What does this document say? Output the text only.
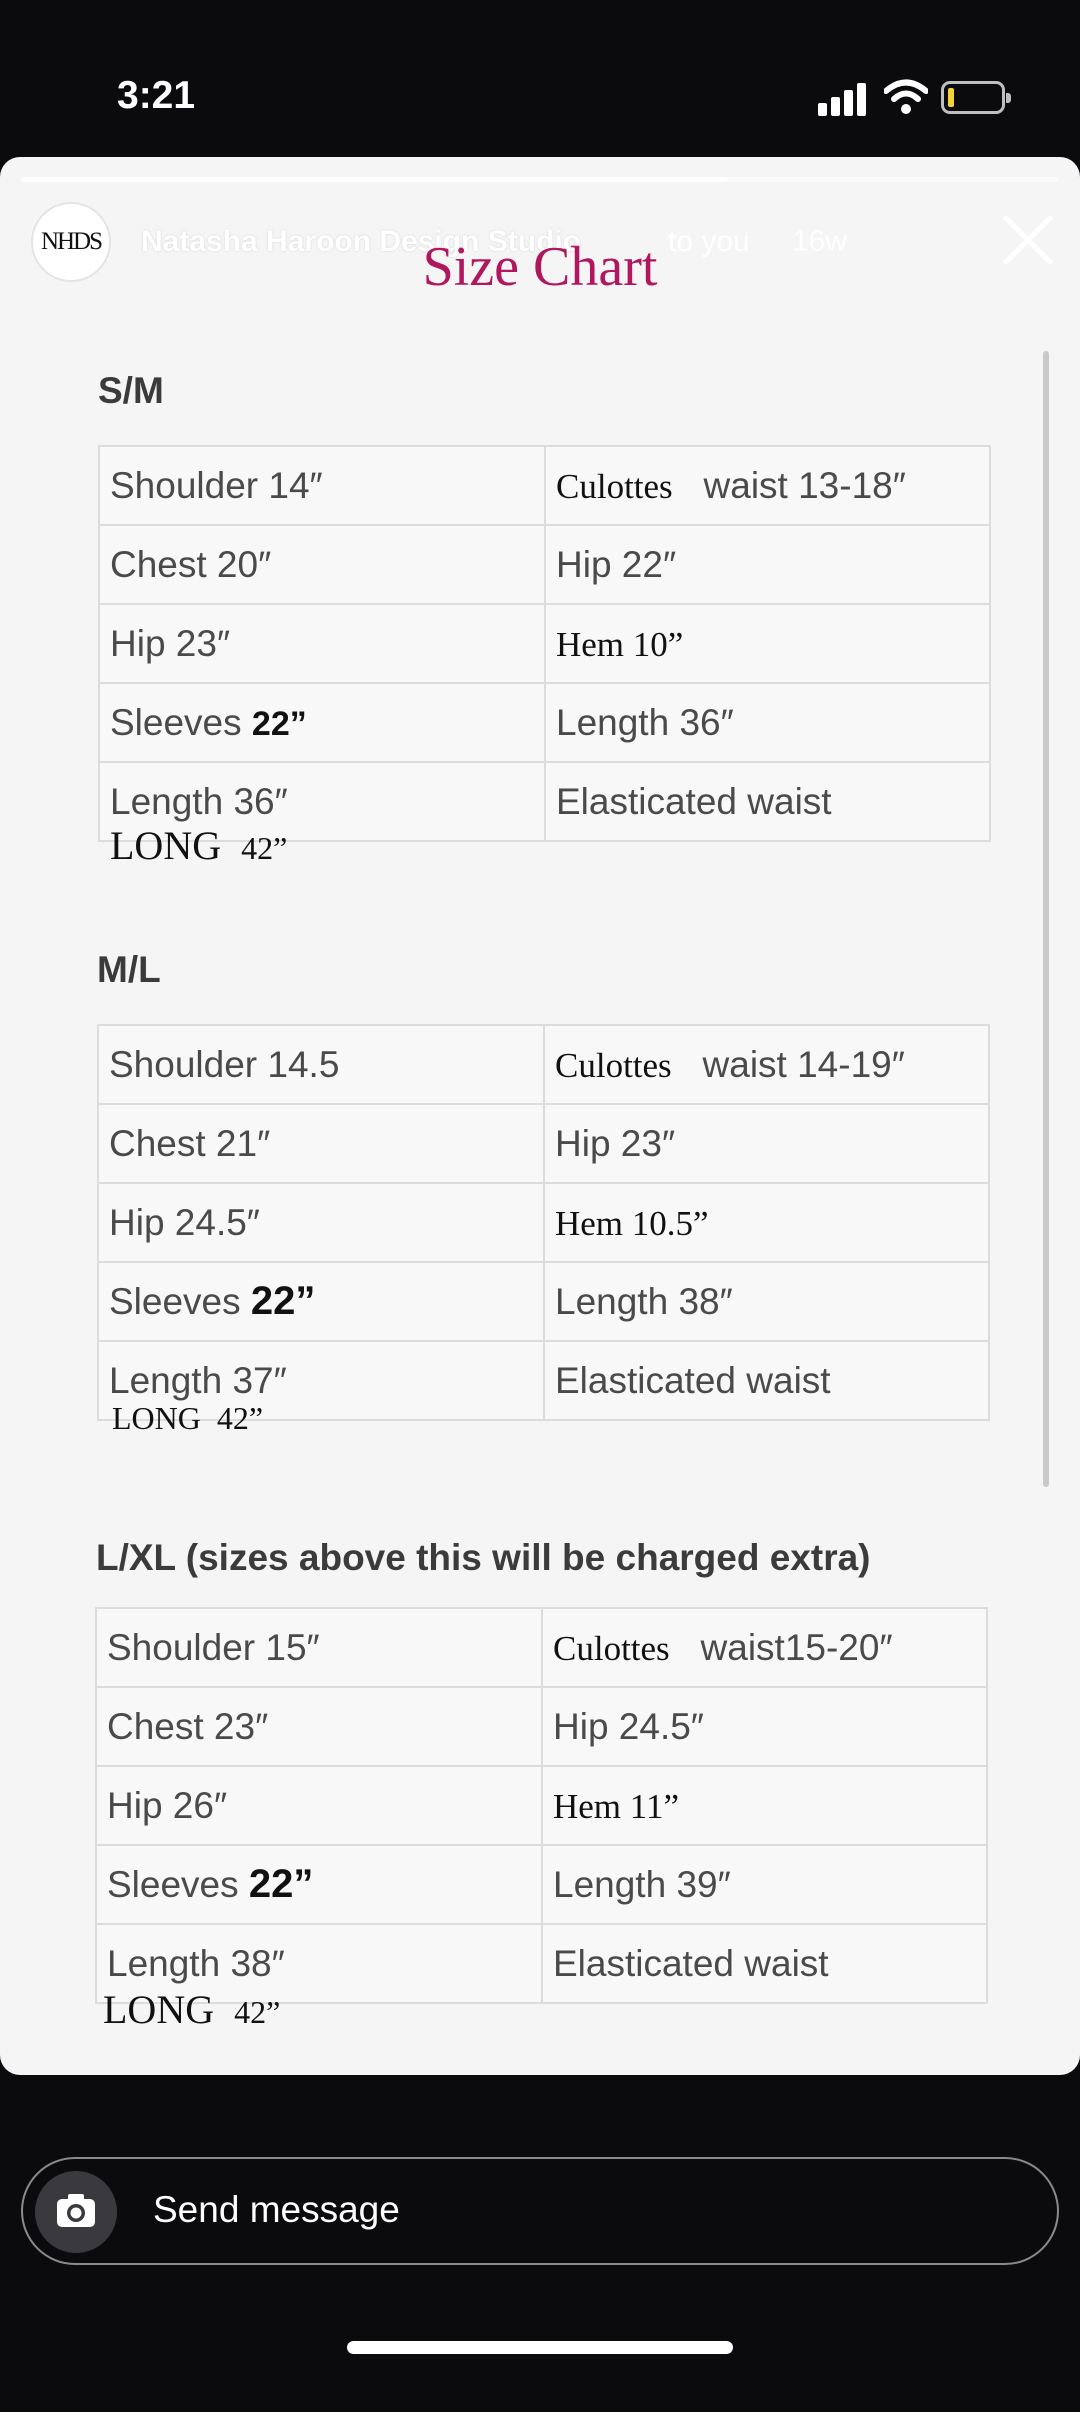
3:21
NHDS	Natasha Haroon Design Studio	to you 16w
Size Chart
S/M
Shoulder 14″	Culottes waist 13-18″
Chest 20″	Hip 22″
Hip 23″	Hem 10”
Sleeves 22”	Length 36″
Length 36″	Elasticated waist
LONG 42”
M/L
Shoulder 14.5	Culottes waist 14-19″
Chest 21″	Hip 23″
Hip 24.5″	Hem 10.5”
Sleeves 22”	Length 38″
Length 37″	Elasticated waist
LONG 42”
L/XL (sizes above this will be charged extra)
Shoulder 15″	Culottes waist15-20″
Chest 23″	Hip 24.5″
Hip 26″	Hem 11”
Sleeves 22”	Length 39″
Length 38″	Elasticated waist
LONG 42”
Send message
